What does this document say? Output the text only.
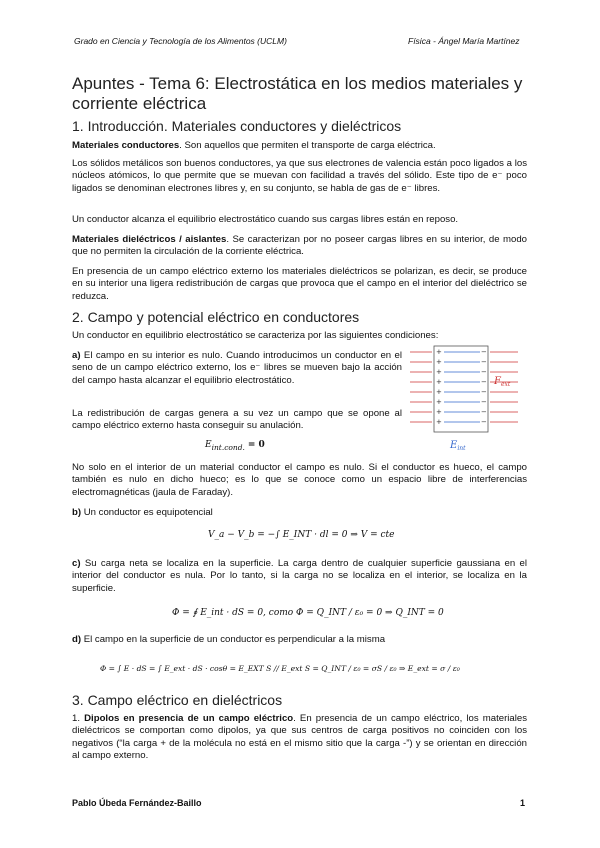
Grado en Ciencia y Tecnología de los Alimentos (UCLM)	Física - Ángel María Martínez
Apuntes - Tema 6: Electrostática en los medios materiales y corriente eléctrica
1. Introducción. Materiales conductores y dieléctricos
Materiales conductores. Son aquellos que permiten el transporte de carga eléctrica.
Los sólidos metálicos son buenos conductores, ya que sus electrones de valencia están poco ligados a los núcleos atómicos, lo que permite que se muevan con facilidad a través del sólido. Este tipo de e⁻ poco ligados se denominan electrones libres y, en su conjunto, se habla de gas de e⁻ libres.
Un conductor alcanza el equilibrio electrostático cuando sus cargas libres están en reposo.
Materiales dieléctricos / aislantes. Se caracterizan por no poseer cargas libres en su interior, de modo que no permiten la circulación de la corriente eléctrica.
En presencia de un campo eléctrico externo los materiales dieléctricos se polarizan, es decir, se produce en su interior una ligera redistribución de cargas que provoca que el campo en el interior del dieléctrico se reduzca.
2. Campo y potencial eléctrico en conductores
Un conductor en equilibrio electrostático se caracteriza por las siguientes condiciones:
a) El campo en su interior es nulo. Cuando introducimos un conductor en el seno de un campo eléctrico externo, los e⁻ libres se mueven bajo la acción del campo hasta alcanzar el equilibrio electrostático.
La redistribución de cargas genera a su vez un campo que se opone al campo eléctrico externo hasta conseguir su anulación.
$E_{int.cond.} = 0$
+
+
+
+
+
+
+
+
−
−
−
−
−
−
−
−
$F_{ext}$
$E_{int}$
No solo en el interior de un material conductor el campo es nulo. Si el conductor es hueco, el campo también es nulo en dicho hueco; es lo que se conoce como un espacio libre de interferencias electromagnéticas (jaula de Faraday).
b) Un conductor es equipotencial
V_a − V_b = −∫ E_INT · dl = 0 ⇒ V = cte
c) Su carga neta se localiza en la superficie. La carga dentro de cualquier superficie gaussiana en el interior del conductor es nula. Por lo tanto, si la carga no se localiza en el interior, se localiza en la superficie.
Φ = ∮ E_int · dS = 0, como Φ = Q_INT / ε₀ = 0 ⇒ Q_INT = 0
d) El campo en la superficie de un conductor es perpendicular a la misma
Φ = ∫ E · dS = ∫ E_ext · dS · cosθ = E_EXT S // E_ext S = Q_INT / ε₀ = σS / ε₀ ⇒ E_ext = σ / ε₀
3. Campo eléctrico en dieléctricos
1. Dipolos en presencia de un campo eléctrico. En presencia de un campo eléctrico, los materiales dieléctricos se comportan como dipolos, ya que sus centros de carga positivos no coinciden con los negativos (“la carga + de la molécula no está en el mismo sitio que la carga -”) y se orientan en dirección al campo externo.
Pablo Úbeda Fernández-Baillo	1
